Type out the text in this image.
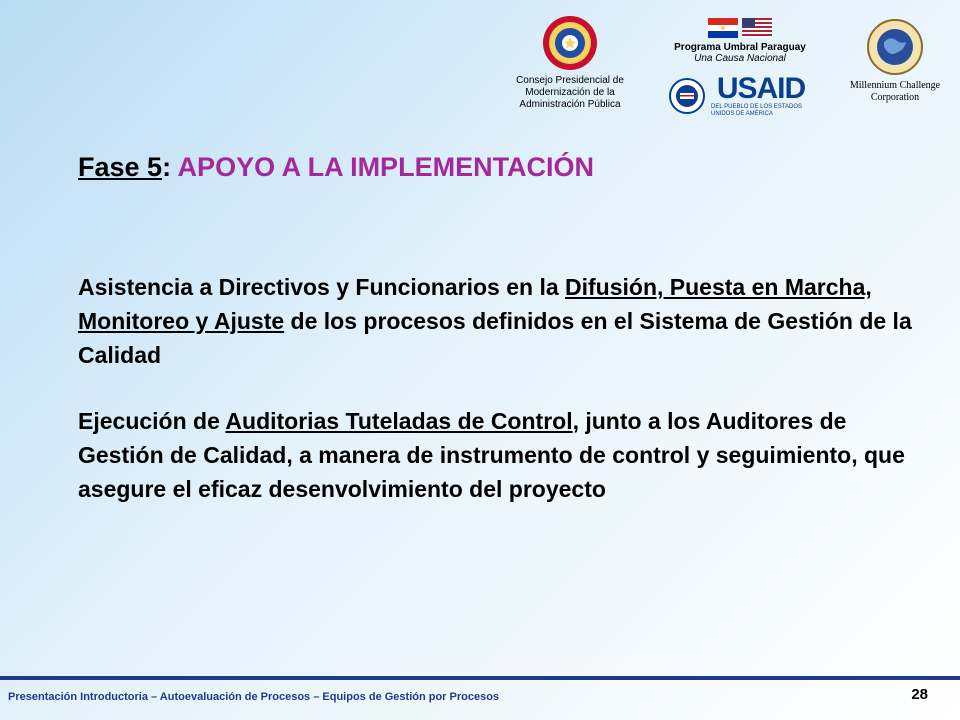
Consejo Presidencial de
Modernización de la
Administración Pública
Programa Umbral Paraguay
Una Causa Nacional
USAID
DEL PUEBLO DE LOS ESTADOS
UNIDOS DE AMÉRICA
Millennium Challenge
Corporation
Fase 5: APOYO A LA IMPLEMENTACIÓN
Asistencia a Directivos y Funcionarios en la Difusión, Puesta en Marcha, Monitoreo y Ajuste de los procesos definidos en el Sistema de Gestión de la Calidad
Ejecución de Auditorias Tuteladas de Control, junto a los Auditores de Gestión de Calidad, a manera de instrumento de control y seguimiento, que asegure el eficaz desenvolvimiento del proyecto
Presentación Introductoria – Autoevaluación de Procesos – Equipos de Gestión por Procesos	28
